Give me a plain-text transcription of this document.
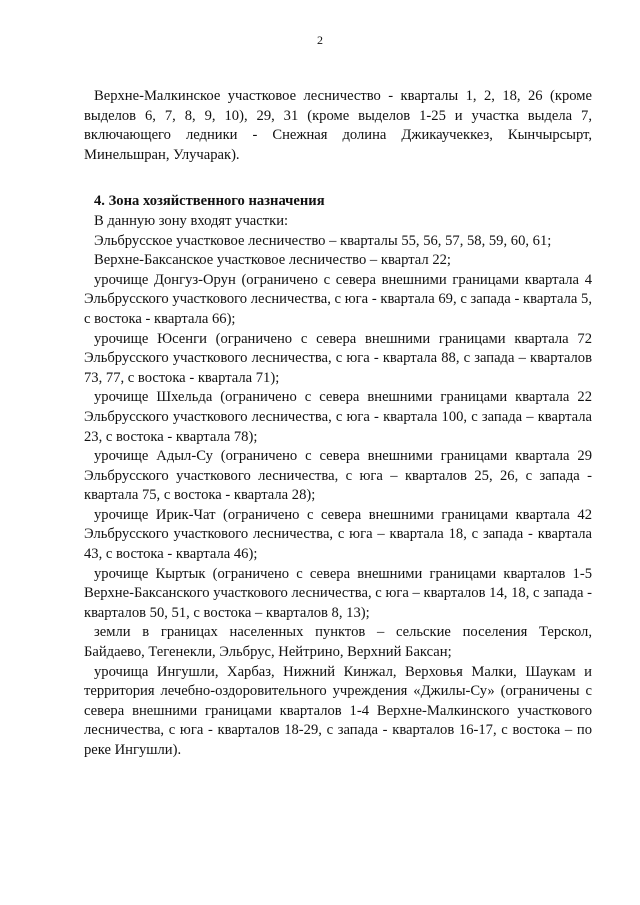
2

Верхне-Малкинское участковое лесничество - кварталы 1, 2, 18, 26 (кроме выделов 6, 7, 8, 9, 10), 29, 31 (кроме выделов 1-25 и участка выдела 7, включающего ледники - Снежная долина Джикаучеккез, Кынчырсырт, Минельшран, Улучарак).

4. Зона хозяйственного назначения

В данную зону входят участки:

Эльбрусское участковое лесничество – кварталы 55, 56, 57, 58, 59, 60, 61;

Верхне-Баксанское участковое лесничество – квартал 22;

урочище Донгуз-Орун (ограничено с севера внешними границами квартала 4 Эльбрусского участкового лесничества, с юга - квартала 69, с запада - квартала 5, с востока - квартала 66);

урочище Юсенги (ограничено с севера внешними границами квартала 72 Эльбрусского участкового лесничества, с юга - квартала 88, с запада – кварталов 73, 77, с востока - квартала 71);

урочище Шхельда (ограничено с севера внешними границами квартала 22 Эльбрусского участкового лесничества, с юга - квартала 100, с запада – квартала 23, с востока - квартала 78);

урочище Адыл-Су (ограничено с севера внешними границами квартала 29 Эльбрусского участкового лесничества, с юга – кварталов 25, 26, с запада - квартала 75, с востока - квартала 28);

урочище Ирик-Чат (ограничено с севера внешними границами квартала 42 Эльбрусского участкового лесничества, с юга – квартала 18, с запада - квартала 43, с востока - квартала 46);

урочище Кыртык (ограничено с севера внешними границами кварталов 1-5 Верхне-Баксанского участкового лесничества, с юга – кварталов 14, 18, с запада - кварталов 50, 51, с востока – кварталов 8, 13);

земли в границах населенных пунктов – сельские поселения Терскол, Байдаево, Тегенекли, Эльбрус, Нейтрино, Верхний Баксан;

урочища Ингушли, Харбаз, Нижний Кинжал, Верховья Малки, Шаукам и территория лечебно-оздоровительного учреждения «Джилы-Су» (ограничены с севера внешними границами кварталов 1-4 Верхне-Малкинского участкового лесничества, с юга - кварталов 18-29, с запада - кварталов 16-17, с востока – по реке Ингушли).
